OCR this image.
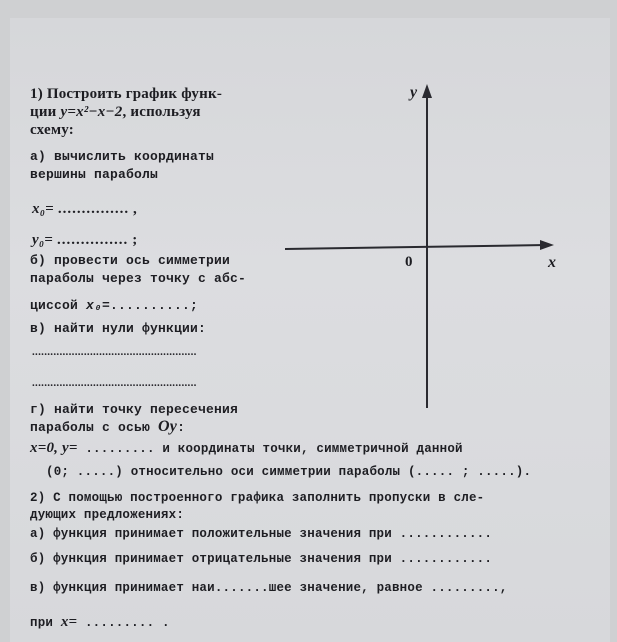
y
x
0
1) Построить график функ-
ции y=x²−x−2, используя
схему:
а) вычислить координаты
вершины параболы
x₀= ............... ,
y₀= ............... ;
б) провести ось симметрии
параболы через точку с абс-
циссой x₀=..........;
в) найти нули функции:
......................................................
......................................................
г) найти точку пересечения
параболы с осью Oy:
x=0, y= ......... и координаты точки, симметричной данной
(0; .....) относительно оси симметрии параболы (..... ; .....).
2) С помощью построенного графика заполнить пропуски в сле-
дующих предложениях:
а) функция принимает положительные значения при ............
б) функция принимает отрицательные значения при ............
в) функция принимает наи.......шее значение, равное .........,
при x= ......... .
